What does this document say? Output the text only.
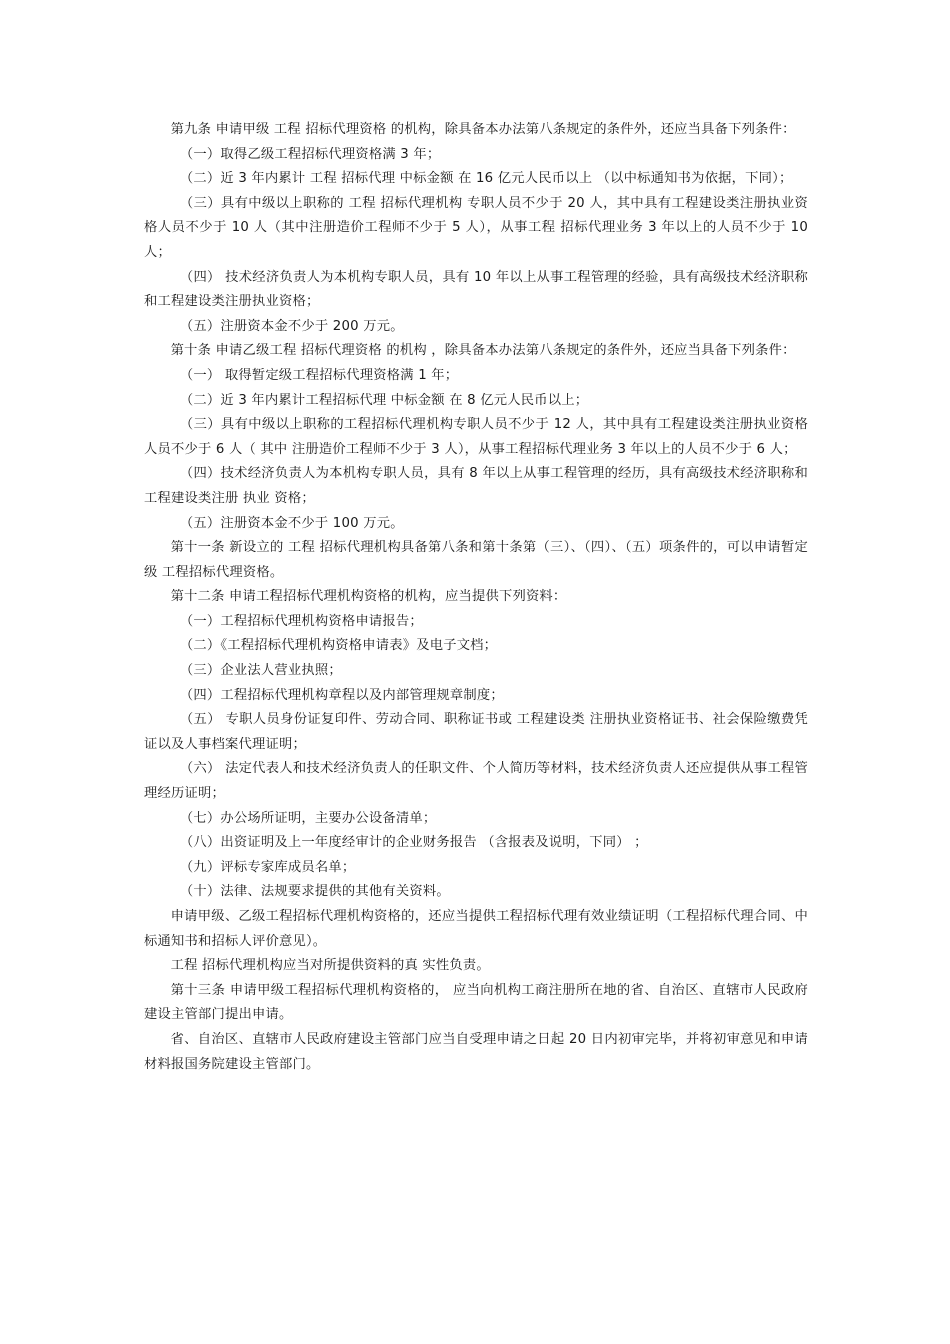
第九条 申请甲级 工程 招标代理资格 的机构，除具备本办法第八条规定的条件外，还应当具备下列条件：

（一）取得乙级工程招标代理资格满 3 年；

（二）近 3 年内累计 工程 招标代理 中标金额 在 16 亿元人民币以上 （以中标通知书为依据，下同）；

（三）具有中级以上职称的 工程 招标代理机构 专职人员不少于 20 人，其中具有工程建设类注册执业资格人员不少于 10 人（其中注册造价工程师不少于 5 人），从事工程 招标代理业务 3 年以上的人员不少于 10 人；

（四） 技术经济负责人为本机构专职人员，具有 10 年以上从事工程管理的经验，具有高级技术经济职称和工程建设类注册执业资格；

（五）注册资本金不少于 200 万元。

第十条 申请乙级工程 招标代理资格 的机构 ，除具备本办法第八条规定的条件外，还应当具备下列条件：

（一） 取得暂定级工程招标代理资格满 1 年；

（二）近 3 年内累计工程招标代理 中标金额 在 8 亿元人民币以上；

（三）具有中级以上职称的工程招标代理机构专职人员不少于 12 人，其中具有工程建设类注册执业资格人员不少于 6 人（ 其中 注册造价工程师不少于 3 人），从事工程招标代理业务 3 年以上的人员不少于 6 人；

（四）技术经济负责人为本机构专职人员，具有 8 年以上从事工程管理的经历，具有高级技术经济职称和工程建设类注册 执业 资格；

（五）注册资本金不少于 100 万元。

第十一条 新设立的 工程 招标代理机构具备第八条和第十条第（三）、（四）、（五）项条件的，可以申请暂定级 工程招标代理资格。

第十二条 申请工程招标代理机构资格的机构，应当提供下列资料：

（一）工程招标代理机构资格申请报告；

（二）《工程招标代理机构资格申请表》及电子文档；

（三）企业法人营业执照；

（四）工程招标代理机构章程以及内部管理规章制度；

（五） 专职人员身份证复印件、劳动合同、职称证书或 工程建设类 注册执业资格证书、社会保险缴费凭证以及人事档案代理证明；

（六） 法定代表人和技术经济负责人的任职文件、个人简历等材料，技术经济负责人还应提供从事工程管理经历证明；

（七）办公场所证明，主要办公设备清单；

（八）出资证明及上一年度经审计的企业财务报告 （含报表及说明，下同） ；

（九）评标专家库成员名单；

（十）法律、法规要求提供的其他有关资料。

申请甲级、乙级工程招标代理机构资格的，还应当提供工程招标代理有效业绩证明（工程招标代理合同、中标通知书和招标人评价意见）。

工程 招标代理机构应当对所提供资料的真 实性负责。

第十三条 申请甲级工程招标代理机构资格的， 应当向机构工商注册所在地的省、自治区、直辖市人民政府建设主管部门提出申请。

省、自治区、直辖市人民政府建设主管部门应当自受理申请之日起 20 日内初审完毕，并将初审意见和申请材料报国务院建设主管部门。
